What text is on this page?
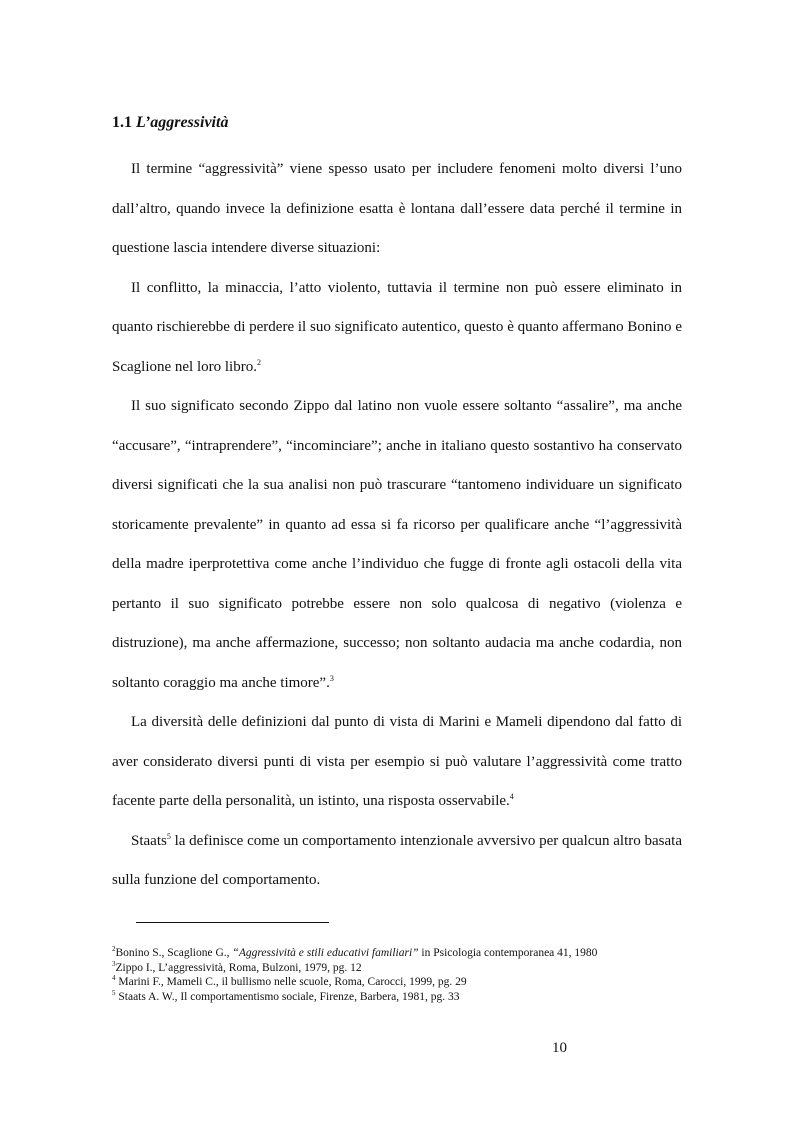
1.1 L’aggressività

Il termine “aggressività” viene spesso usato per includere fenomeni molto diversi l’uno dall’altro, quando invece la definizione esatta è lontana dall’essere data perché il termine in questione lascia intendere diverse situazioni:

Il conflitto, la minaccia, l’atto violento, tuttavia il termine non può essere eliminato in quanto rischierebbe di perdere il suo significato autentico, questo è quanto affermano Bonino e Scaglione nel loro libro.$^2$

Il suo significato secondo Zippo dal latino non vuole essere soltanto “assalire”, ma anche “accusare”, “intraprendere”, “incominciare”; anche in italiano questo sostantivo ha conservato diversi significati che la sua analisi non può trascurare “tantomeno individuare un significato storicamente prevalente” in quanto ad essa si fa ricorso per qualificare anche “l’aggressività della madre iperprotettiva come anche l’individuo che fugge di fronte agli ostacoli della vita pertanto il suo significato potrebbe essere non solo qualcosa di negativo (violenza e distruzione), ma anche affermazione, successo; non soltanto audacia ma anche codardia, non soltanto coraggio ma anche timore”.$^3$

La diversità delle definizioni dal punto di vista di Marini e Mameli dipendono dal fatto di aver considerato diversi punti di vista per esempio si può valutare l’aggressività come tratto facente parte della personalità, un istinto, una risposta osservabile.$^4$

Staats$^5$ la definisce come un comportamento intenzionale avversivo per qualcun altro basata sulla funzione del comportamento.

$^2$Bonino S., Scaglione G., “Aggressività e stili educativi familiari” in Psicologia contemporanea 41, 1980
$^3$Zippo I., L’aggressività, Roma, Bulzoni, 1979, pg. 12
$^4$ Marini F., Mameli C., il bullismo nelle scuole, Roma, Carocci, 1999, pg. 29
$^5$ Staats A. W., Il comportamentismo sociale, Firenze, Barbera, 1981, pg. 33
10
